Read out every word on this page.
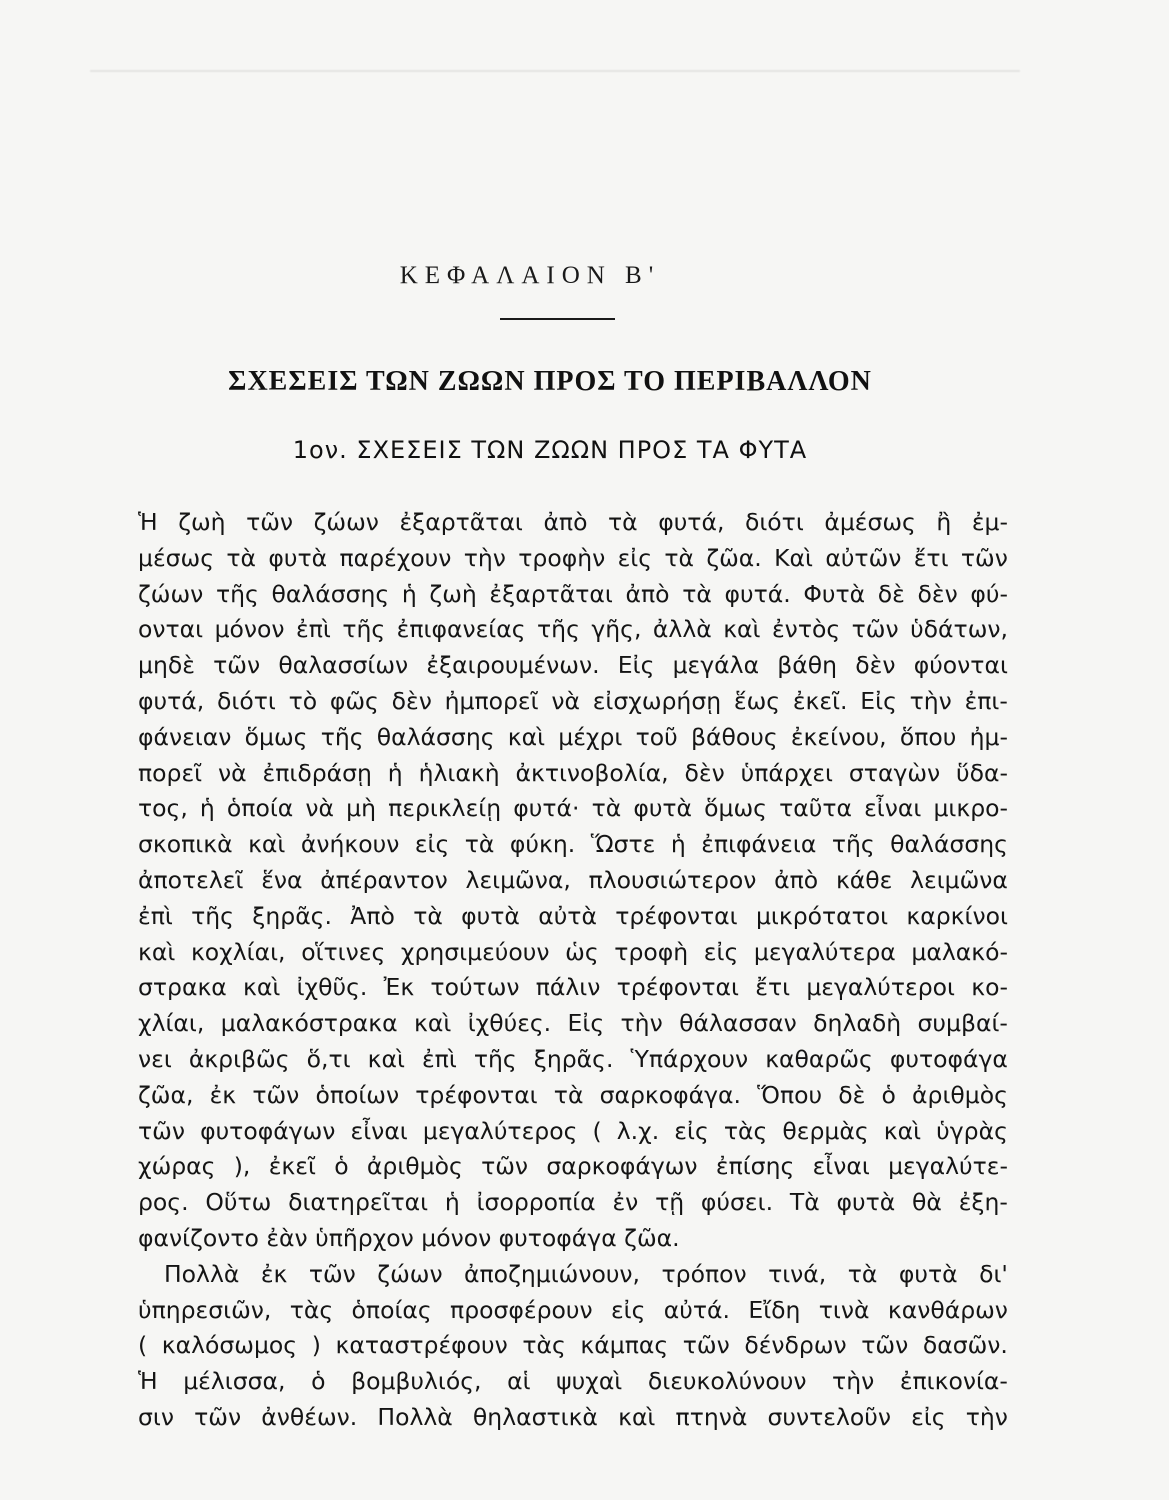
ΚΕΦΑΛΑΙΟΝ Β'
ΣΧΕΣΕΙΣ ΤΩΝ ΖΩΩΝ ΠΡΟΣ ΤΟ ΠΕΡΙΒΑΛΛΟΝ
1ον. ΣΧΕΣΕΙΣ ΤΩΝ ΖΩΩΝ ΠΡΟΣ ΤΑ ΦΥΤΑ
Ἡ ζωὴ τῶν ζώων ἐξαρτᾶται ἀπὸ τὰ φυτά, διότι ἀμέσως ἢ ἐμ-
μέσως τὰ φυτὰ παρέχουν τὴν τροφὴν εἰς τὰ ζῶα. Καὶ αὐτῶν ἔτι τῶν
ζώων τῆς θαλάσσης ἡ ζωὴ ἐξαρτᾶται ἀπὸ τὰ φυτά. Φυτὰ δὲ δὲν φύ-
ονται μόνον ἐπὶ τῆς ἐπιφανείας τῆς γῆς, ἀλλὰ καὶ ἐντὸς τῶν ὑδάτων,
μηδὲ τῶν θαλασσίων ἐξαιρουμένων. Εἰς μεγάλα βάθη δὲν φύονται
φυτά, διότι τὸ φῶς δὲν ἠμπορεῖ νὰ εἰσχωρήσῃ ἕως ἐκεῖ. Εἰς τὴν ἐπι-
φάνειαν ὅμως τῆς θαλάσσης καὶ μέχρι τοῦ βάθους ἐκείνου, ὅπου ἠμ-
πορεῖ νὰ ἐπιδράσῃ ἡ ἡλιακὴ ἀκτινοβολία, δὲν ὑπάρχει σταγὼν ὕδα-
τος, ἡ ὁποία νὰ μὴ περικλείῃ φυτά· τὰ φυτὰ ὅμως ταῦτα εἶναι μικρο-
σκοπικὰ καὶ ἀνήκουν εἰς τὰ φύκη. Ὥστε ἡ ἐπιφάνεια τῆς θαλάσσης
ἀποτελεῖ ἕνα ἀπέραντον λειμῶνα, πλουσιώτερον ἀπὸ κάθε λειμῶνα
ἐπὶ τῆς ξηρᾶς. Ἀπὸ τὰ φυτὰ αὐτὰ τρέφονται μικρότατοι καρκίνοι
καὶ κοχλίαι, οἵτινες χρησιμεύουν ὡς τροφὴ εἰς μεγαλύτερα μαλακό-
στρακα καὶ ἰχθῦς. Ἐκ τούτων πάλιν τρέφονται ἔτι μεγαλύτεροι κο-
χλίαι, μαλακόστρακα καὶ ἰχθύες. Εἰς τὴν θάλασσαν δηλαδὴ συμβαί-
νει ἀκριβῶς ὅ,τι καὶ ἐπὶ τῆς ξηρᾶς. Ὑπάρχουν καθαρῶς φυτοφάγα
ζῶα, ἐκ τῶν ὁποίων τρέφονται τὰ σαρκοφάγα. Ὅπου δὲ ὁ ἀριθμὸς
τῶν φυτοφάγων εἶναι μεγαλύτερος ( λ.χ. εἰς τὰς θερμὰς καὶ ὑγρὰς
χώρας ), ἐκεῖ ὁ ἀριθμὸς τῶν σαρκοφάγων ἐπίσης εἶναι μεγαλύτε-
ρος. Οὕτω διατηρεῖται ἡ ἰσορροπία ἐν τῇ φύσει. Τὰ φυτὰ θὰ ἐξη-
φανίζοντο ἐὰν ὑπῆρχον μόνον φυτοφάγα ζῶα.
Πολλὰ ἐκ τῶν ζώων ἀποζημιώνουν, τρόπον τινά, τὰ φυτὰ δι'
ὑπηρεσιῶν, τὰς ὁποίας προσφέρουν εἰς αὐτά. Εἴδη τινὰ κανθάρων
( καλόσωμος ) καταστρέφουν τὰς κάμπας τῶν δένδρων τῶν δασῶν.
Ἡ μέλισσα, ὁ βομβυλιός, αἱ ψυχαὶ διευκολύνουν τὴν ἐπικονία-
σιν τῶν ἀνθέων. Πολλὰ θηλαστικὰ καὶ πτηνὰ συντελοῦν εἰς τὴν
